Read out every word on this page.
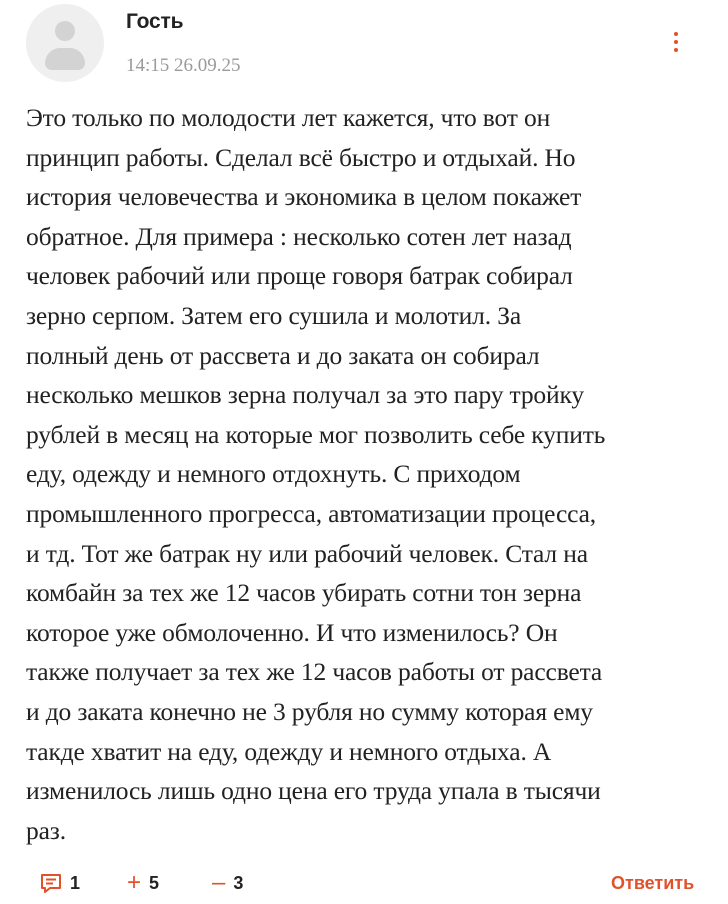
Гость
14:15 26.09.25

Это только по молодости лет кажется, что вот он
принцип работы. Сделал всё быстро и отдыхай. Но
история человечества и экономика в целом покажет
обратное. Для примера : несколько сотен лет назад
человек рабочий или проще говоря батрак собирал
зерно серпом. Затем его сушила и молотил. За
полный день от рассвета и до заката он собирал
несколько мешков зерна получал за это пару тройку
рублей в месяц на которые мог позволить себе купить
еду, одежду и немного отдохнуть. С приходом
промышленного прогресса, автоматизации процесса,
и тд. Тот же батрак ну или рабочий человек. Стал на
комбайн за тех же 12 часов убирать сотни тон зерна
которое уже обмолоченно. И что изменилось? Он
также получает за тех же 12 часов работы от рассвета
и до заката конечно не 3 рубля но сумму которая ему
такде хватит на еду, одежду и немного отдыха. А
изменилось лишь одно цена его труда упала в тысячи
раз.

1 + 5 – 3	Ответить
